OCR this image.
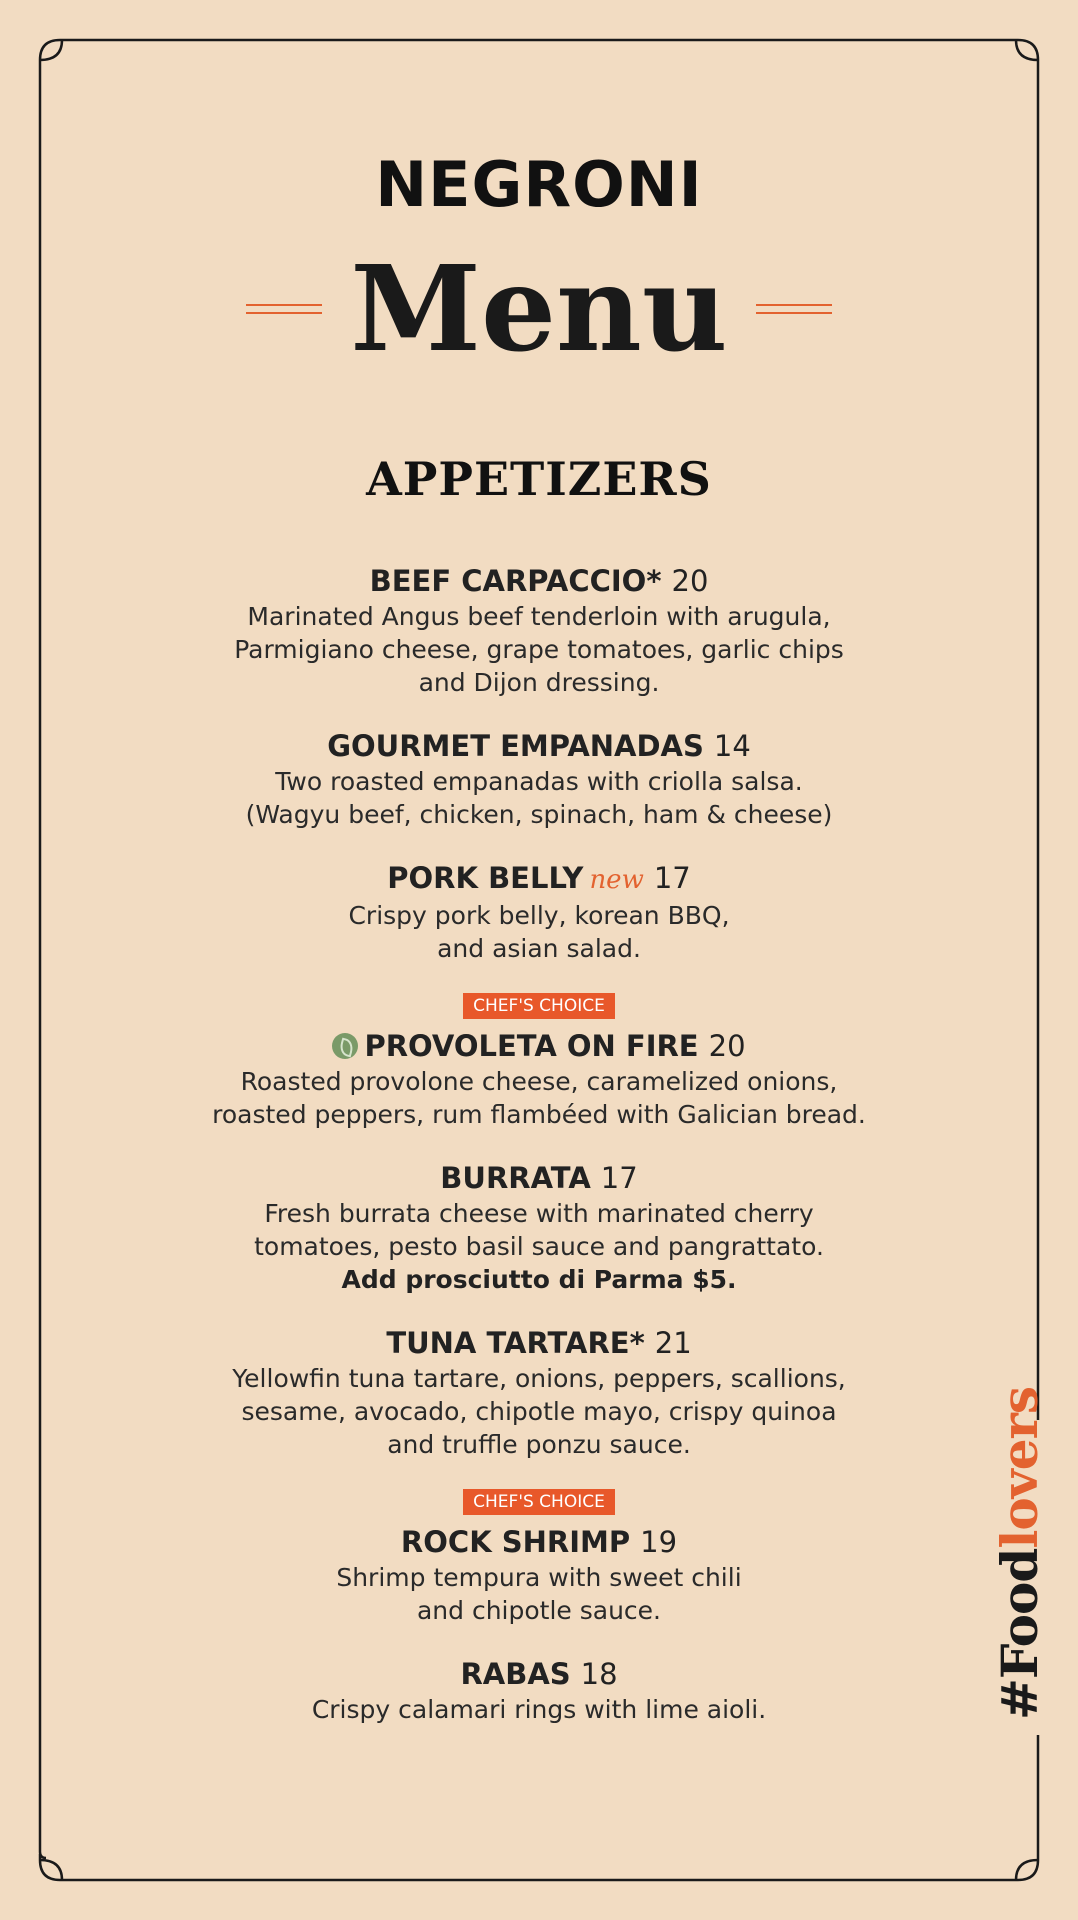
NEGRONI
Menu
APPETIZERS
BEEF CARPACCIO* 20

Marinated Angus beef tenderloin with arugula,

Parmigiano cheese, grape tomatoes, garlic chips

and Dijon dressing.

GOURMET EMPANADAS 14

Two roasted empanadas with criolla salsa.

(Wagyu beef, chicken, spinach, ham & cheese)

PORK BELLY new 17

Crispy pork belly, korean BBQ,

and asian salad.

CHEF'S CHOICE
PROVOLETA ON FIRE 20

Roasted provolone cheese, caramelized onions,

roasted peppers, rum flambéed with Galician bread.

BURRATA 17

Fresh burrata cheese with marinated cherry

tomatoes, pesto basil sauce and pangrattato.

Add prosciutto di Parma $5.
TUNA TARTARE* 21

Yellowfin tuna tartare, onions, peppers, scallions,

sesame, avocado, chipotle mayo, crispy quinoa

and truffle ponzu sauce.

CHEF'S CHOICE
ROCK SHRIMP 19

Shrimp tempura with sweet chili

and chipotle sauce.

RABAS 18

Crispy calamari rings with lime aioli.	#Foodlovers
